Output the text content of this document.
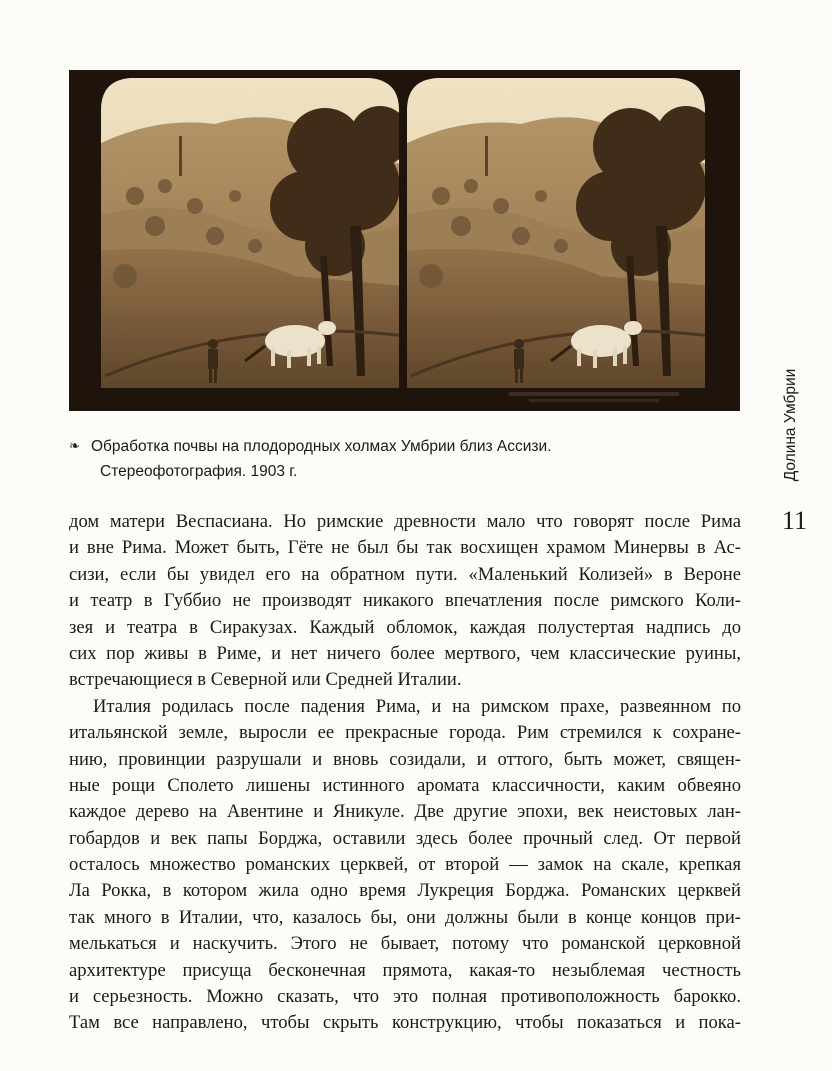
❧ Обработка почвы на плодородных холмах Умбрии близ Ассизи.
Стереофотография. 1903 г.	Долина Умбрии
11
дом матери Веспасиана. Но римские древности мало что говорят после Рима
и вне Рима. Может быть, Гёте не был бы так восхищен храмом Минервы в Ас-
сизи, если бы увидел его на обратном пути. «Маленький Колизей» в Вероне
и театр в Губбио не производят никакого впечатления после римского Коли-
зея и театра в Сиракузах. Каждый обломок, каждая полустертая надпись до
сих пор живы в Риме, и нет ничего более мертвого, чем классические руины,
встречающиеся в Северной или Средней Италии.
Италия родилась после падения Рима, и на римском прахе, развеянном по
итальянской земле, выросли ее прекрасные города. Рим стремился к сохране-
нию, провинции разрушали и вновь созидали, и оттого, быть может, священ-
ные рощи Сполето лишены истинного аромата классичности, каким обвеяно
каждое дерево на Авентине и Яникуле. Две другие эпохи, век неистовых лан-
гобардов и век папы Борджа, оставили здесь более прочный след. От первой
осталось множество романских церквей, от второй — замок на скале, крепкая
Ла Рокка, в котором жила одно время Лукреция Борджа. Романских церквей
так много в Италии, что, казалось бы, они должны были в конце концов при-
мелькаться и наскучить. Этого не бывает, потому что романской церковной
архитектуре присуща бесконечная прямота, какая-то незыблемая честность
и серьезность. Можно сказать, что это полная противоположность барокко.
Там все направлено, чтобы скрыть конструкцию, чтобы показаться и пока-
